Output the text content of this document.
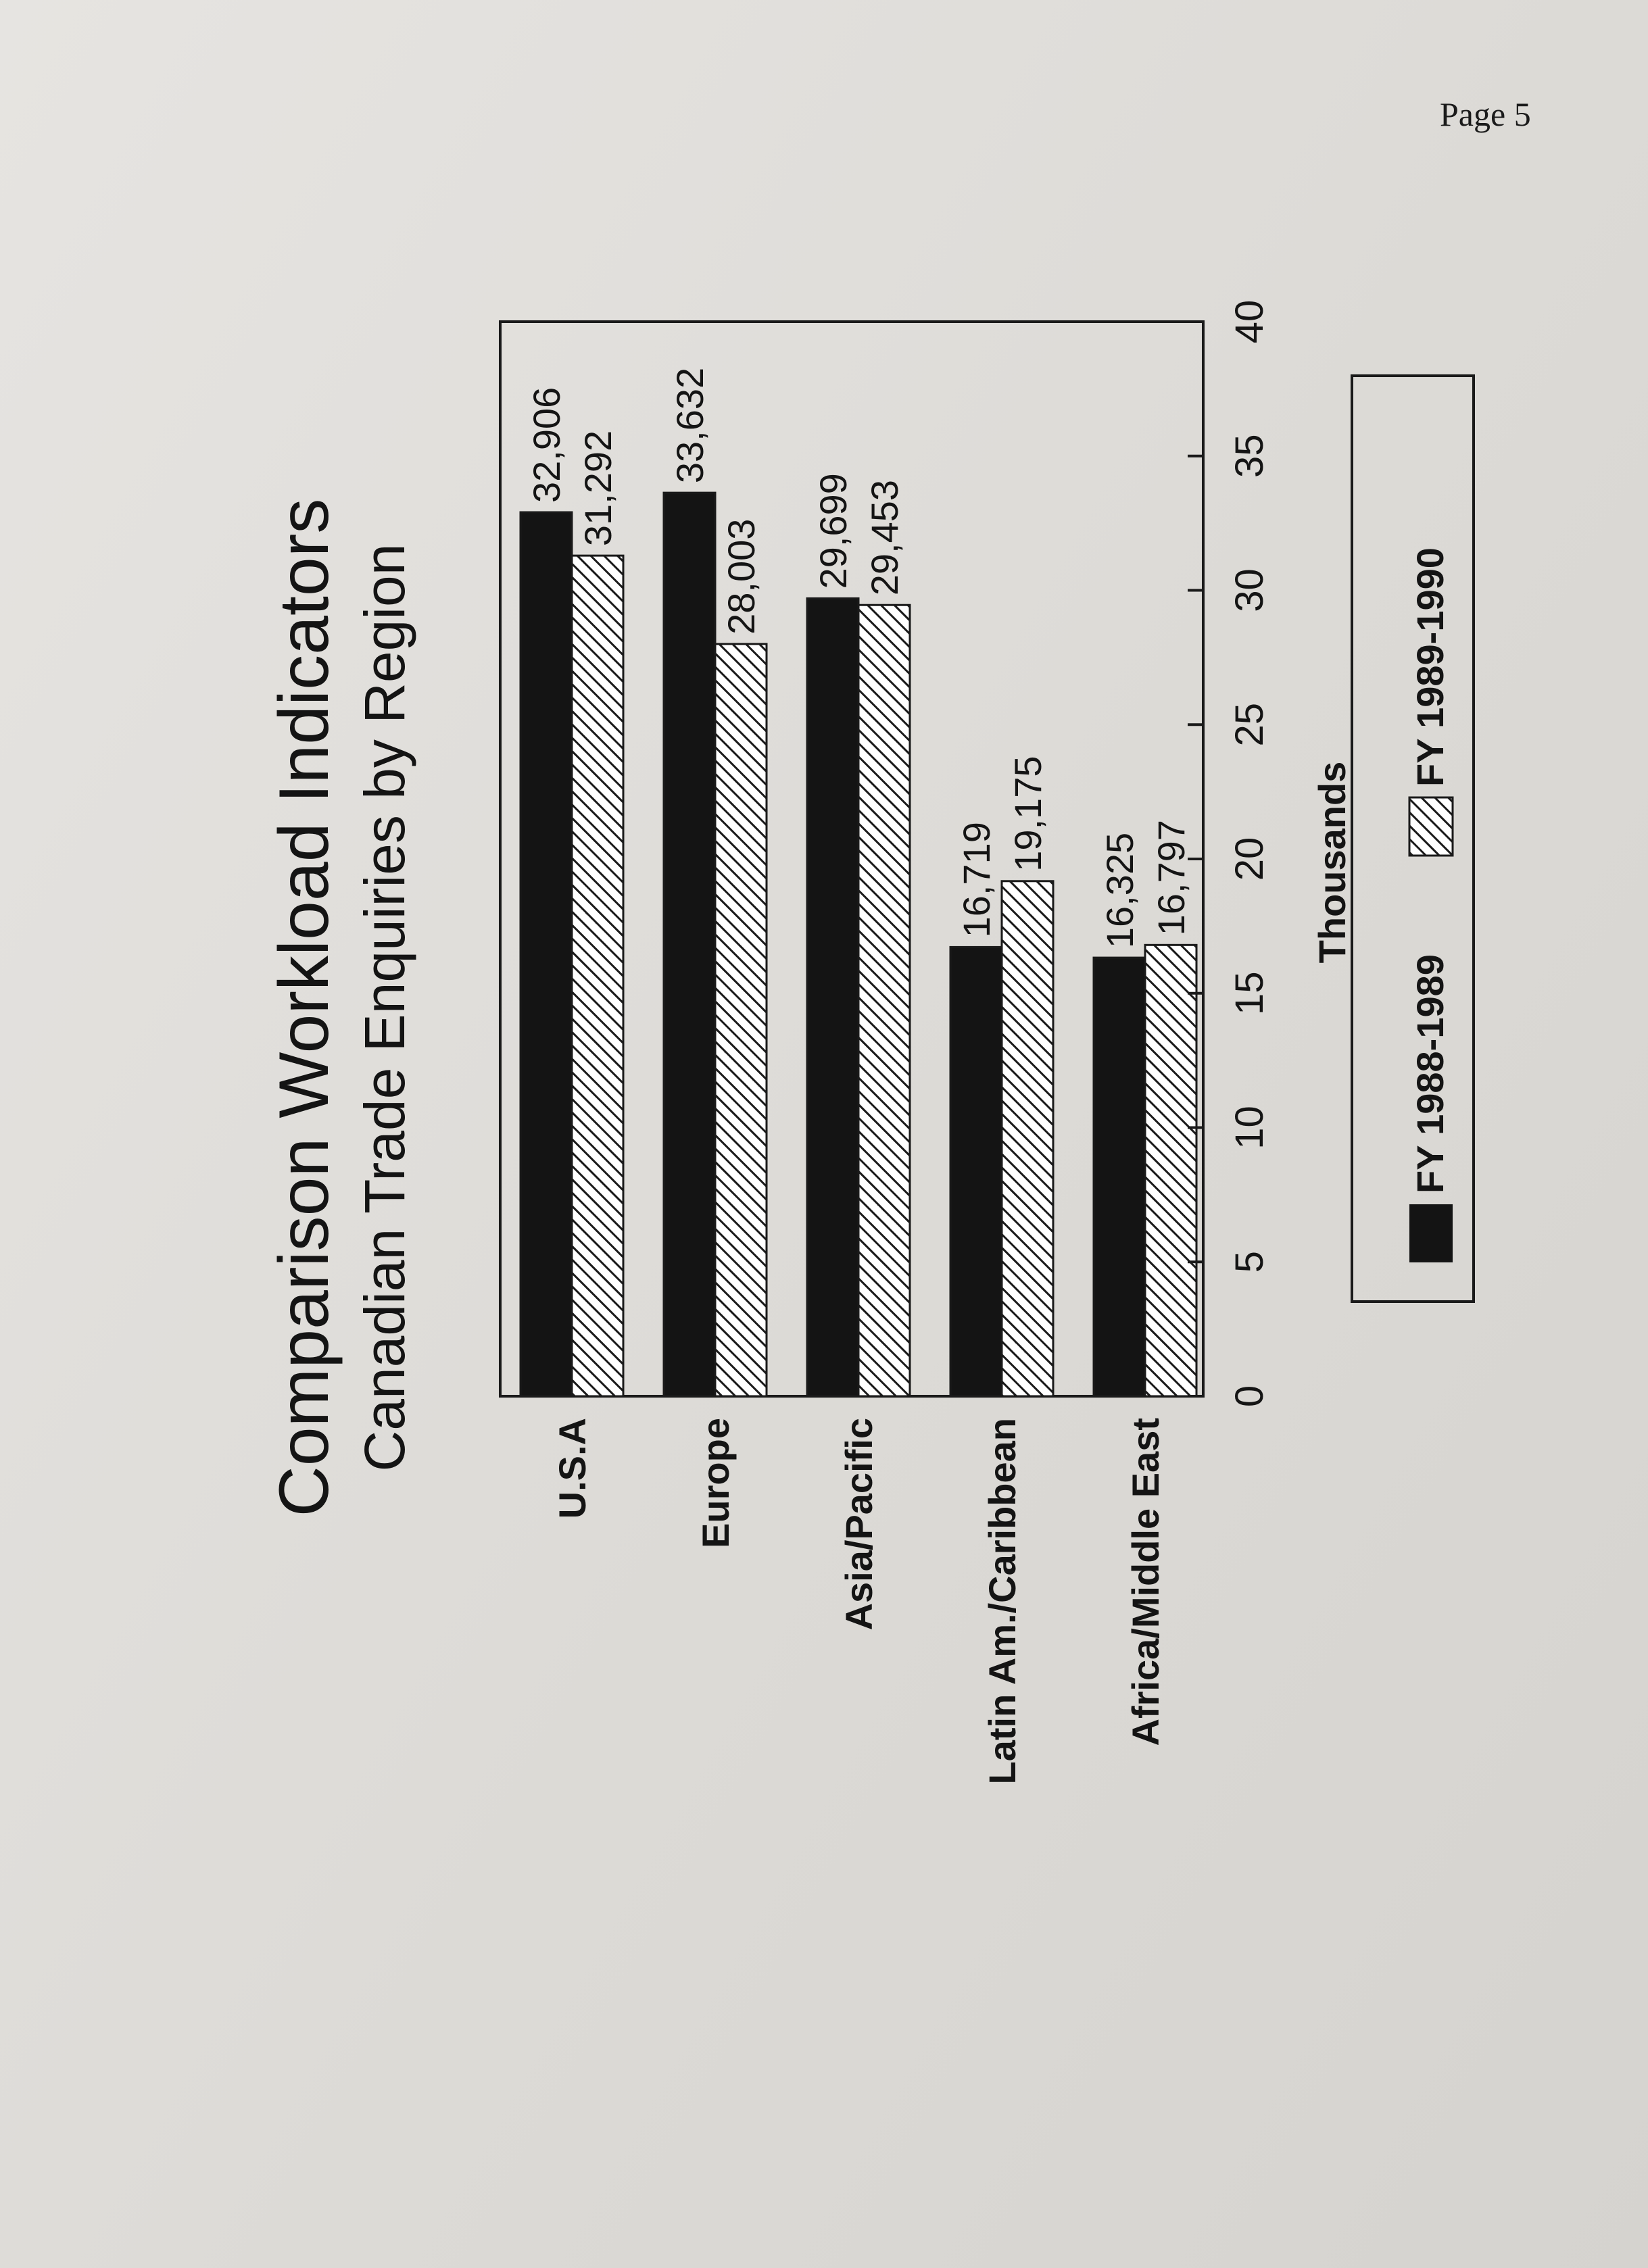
Page 5
Comparison Workload Indicators Canadian Trade Enquiries by Region
32,906 31,292
33,632
28,003 29,699 29,453
16,719
19,175
16,325 16,797
U.S.A	Europe	Asia/Pacific	Latin Am./Caribbean	Africa/Middle East
0
5
10
15
20
25
30
35
40
Thousands
FY 1988-1989
FY 1989-1990
